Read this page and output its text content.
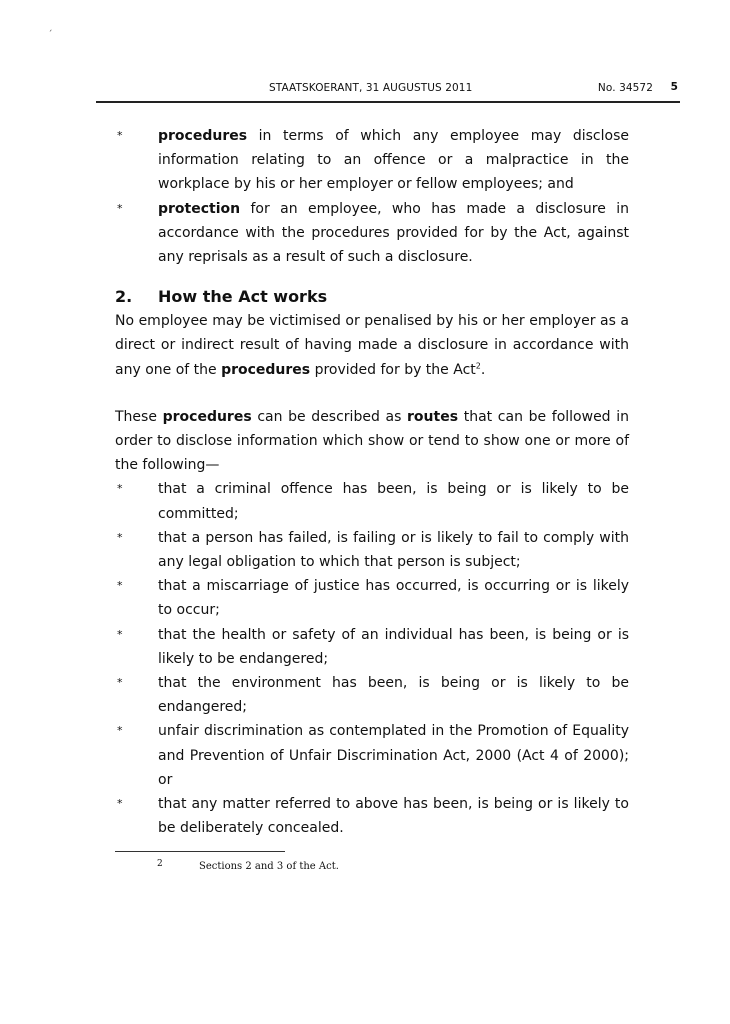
´
STAATSKOERANT, 31 AUGUSTUS 2011	No. 34572 5
*	procedures in terms of which any employee may disclose information relating to an offence or a malpractice in the workplace by his or her employer or fellow employees; and
*	protection for an employee, who has made a disclosure in accordance with the procedures provided for by the Act, against any reprisals as a result of such a disclosure.
2.	How the Act works

No employee may be victimised or penalised by his or her employer as a direct or indirect result of having made a disclosure in accordance with any one of the procedures provided for by the Act$^2$.

These procedures can be described as routes that can be followed in order to disclose information which show or tend to show one or more of the following—

*	that a criminal offence has been, is being or is likely to be committed;
*	that a person has failed, is failing or is likely to fail to comply with any legal obligation to which that person is subject;
*	that a miscarriage of justice has occurred, is occurring or is likely to occur;
*	that the health or safety of an individual has been, is being or is likely to be endangered;
*	that the environment has been, is being or is likely to be endangered;
*	unfair discrimination as contemplated in the Promotion of Equality and Prevention of Unfair Discrimination Act, 2000 (Act 4 of 2000); or
*	that any matter referred to above has been, is being or is likely to be deliberately concealed.
2	Sections 2 and 3 of the Act.
